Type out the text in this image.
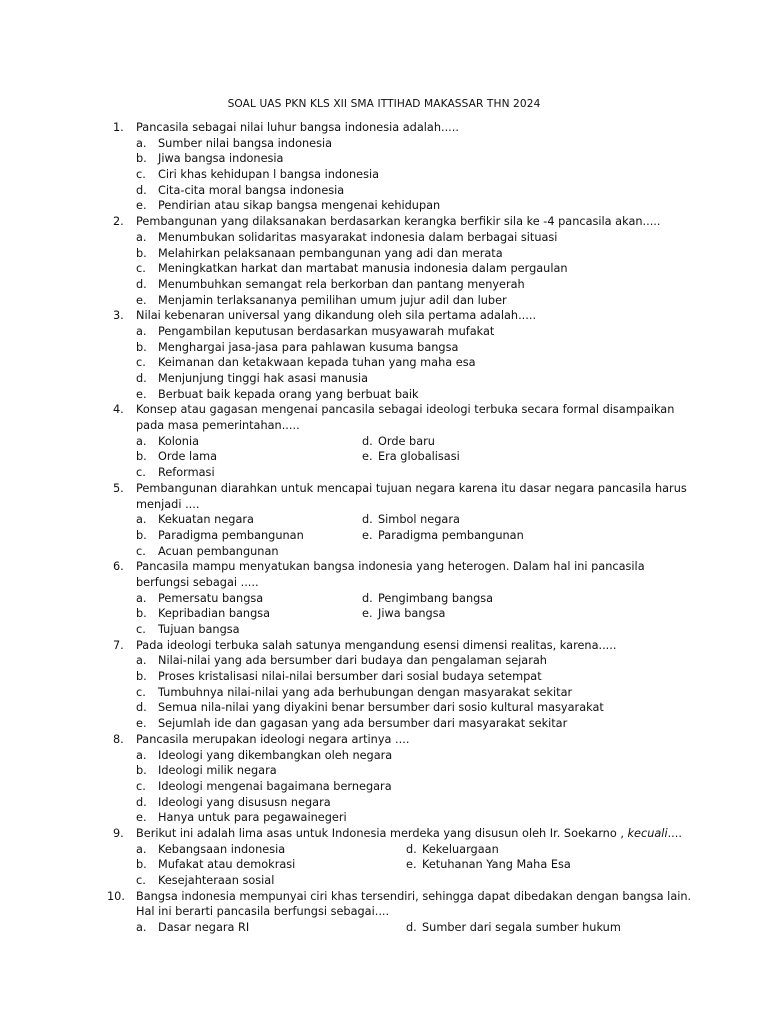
SOAL UAS PKN KLS XII SMA ITTIHAD MAKASSAR THN 2024
1. Pancasila sebagai nilai luhur bangsa indonesia adalah.....
a. Sumber nilai bangsa indonesia
b. Jiwa bangsa indonesia
c. Ciri khas kehidupan l bangsa indonesia
d. Cita-cita moral bangsa indonesia
e. Pendirian atau sikap bangsa mengenai kehidupan
2. Pembangunan yang dilaksanakan berdasarkan kerangka berfikir sila ke -4 pancasila akan.....
a. Menumbukan solidaritas masyarakat indonesia dalam berbagai situasi
b. Melahirkan pelaksanaan pembangunan yang adi dan merata
c. Meningkatkan harkat dan martabat manusia indonesia dalam pergaulan
d. Menumbuhkan semangat rela berkorban dan pantang menyerah
e. Menjamin terlaksananya pemilihan umum jujur adil dan luber
3. Nilai kebenaran universal yang dikandung oleh sila pertama adalah.....
a. Pengambilan keputusan berdasarkan musyawarah mufakat
b. Menghargai jasa-jasa para pahlawan kusuma bangsa
c. Keimanan dan ketakwaan kepada tuhan yang maha esa
d. Menjunjung tinggi hak asasi manusia
e. Berbuat baik kepada orang yang berbuat baik
4. Konsep atau gagasan mengenai pancasila sebagai ideologi terbuka secara formal disampaikan
pada masa pemerintahan.....
a. Kolonia	d. Orde baru
b. Orde lama	e. Era globalisasi
c. Reformasi
5. Pembangunan diarahkan untuk mencapai tujuan negara karena itu dasar negara pancasila harus
menjadi ....
a. Kekuatan negara	d. Simbol negara
b. Paradigma pembangunan	e. Paradigma pembangunan
c. Acuan pembangunan
6. Pancasila mampu menyatukan bangsa indonesia yang heterogen. Dalam hal ini pancasila
berfungsi sebagai .....
a. Pemersatu bangsa	d. Pengimbang bangsa
b. Kepribadian bangsa	e. Jiwa bangsa
c. Tujuan bangsa
7. Pada ideologi terbuka salah satunya mengandung esensi dimensi realitas, karena.....
a. Nilai-nilai yang ada bersumber dari budaya dan pengalaman sejarah
b. Proses kristalisasi nilai-nilai bersumber dari sosial budaya setempat
c. Tumbuhnya nilai-nilai yang ada berhubungan dengan masyarakat sekitar
d. Semua nila-nilai yang diyakini benar bersumber dari sosio kultural masyarakat
e. Sejumlah ide dan gagasan yang ada bersumber dari masyarakat sekitar
8. Pancasila merupakan ideologi negara artinya ....
a. Ideologi yang dikembangkan oleh negara
b. Ideologi milik negara
c. Ideologi mengenai bagaimana bernegara
d. Ideologi yang disususn negara
e. Hanya untuk para pegawainegeri
9. Berikut ini adalah lima asas untuk Indonesia merdeka yang disusun oleh Ir. Soekarno , kecuali....
a. Kebangsaan indonesia	d. Kekeluargaan
b. Mufakat atau demokrasi	e. Ketuhanan Yang Maha Esa
c. Kesejahteraan sosial
10. Bangsa indonesia mempunyai ciri khas tersendiri, sehingga dapat dibedakan dengan bangsa lain.
Hal ini berarti pancasila berfungsi sebagai....
a. Dasar negara RI	d. Sumber dari segala sumber hukum
